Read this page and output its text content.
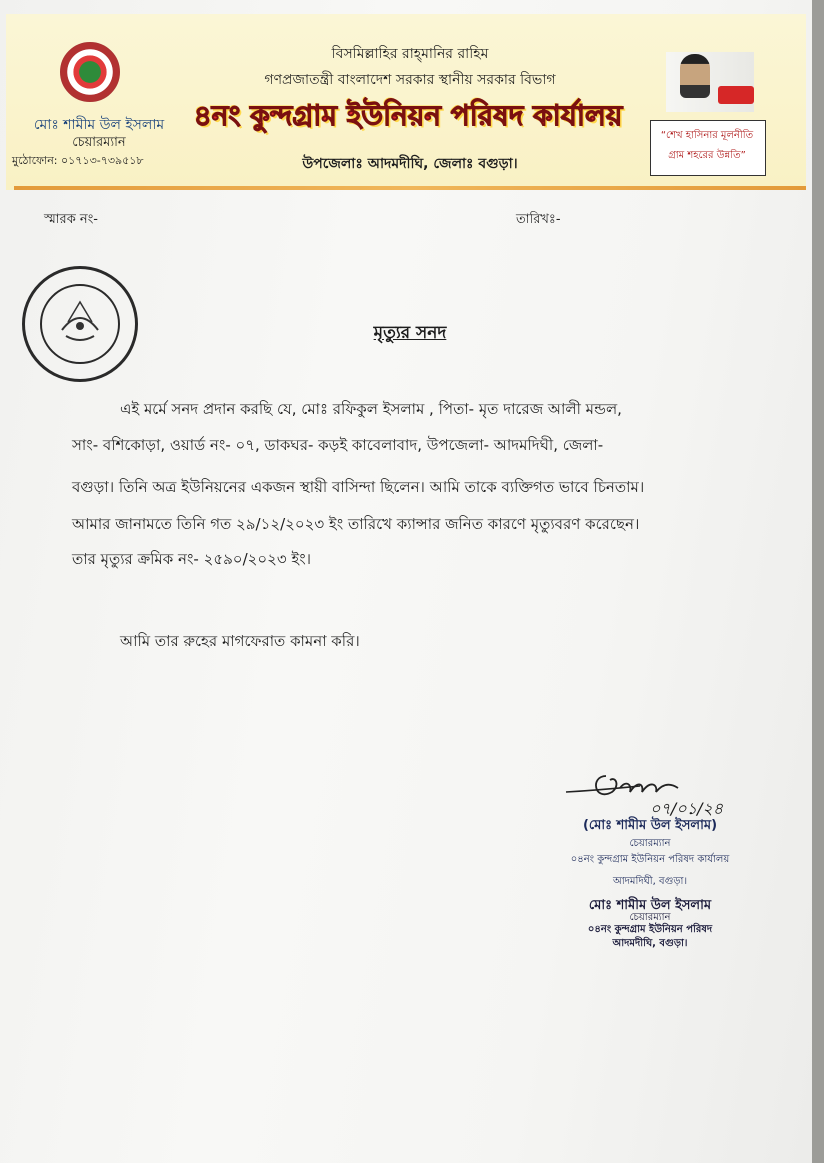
মোঃ শামীম উল ইসলাম
চেয়ারম্যান
মুঠোফোন: ০১৭১৩-৭৩৯৫১৮
বিসমিল্লাহির রাহ্‌মানির রাহিম
গণপ্রজাতন্ত্রী বাংলাদেশ সরকার স্থানীয় সরকার বিভাগ
৪নং কুন্দগ্রাম ইউনিয়ন পরিষদ কার্যালয়
উপজেলাঃ আদমদীঘি, জেলাঃ বগুড়া।
“শেখ হাসিনার মূলনীতি
গ্রাম শহরের উন্নতি”
স্মারক নং-	তারিখঃ-
মৃত্যুর সনদ
এই মর্মে সনদ প্রদান করছি যে, মোঃ রফিকুল ইসলাম , পিতা- মৃত দারেজ আলী মন্ডল,
সাং- বশিকোড়া, ওয়ার্ড নং- ০৭, ডাকঘর- কড়ই কাবেলাবাদ, উপজেলা- আদমদিঘী, জেলা-
বগুড়া। তিনি অত্র ইউনিয়নের একজন স্থায়ী বাসিন্দা ছিলেন। আমি তাকে ব্যক্তিগত ভাবে চিনতাম।
আমার জানামতে তিনি গত ২৯/১২/২০২৩ ইং তারিখে ক্যান্সার জনিত কারণে মৃত্যুবরণ করেছেন।
তার মৃত্যুর ক্রমিক নং- ২৫৯০/২০২৩ ইং।
আমি তার রুহের মাগফেরাত কামনা করি।
০৭/০১/২৪
(মোঃ শামীম উল ইসলাম)
চেয়ারম্যান
০৪নং কুন্দগ্রাম ইউনিয়ন পরিষদ কার্যালয়
আদমদিঘী, বগুড়া।
মোঃ শামীম উল ইসলাম
চেয়ারম্যান
০৪নং কুন্দগ্রাম ইউনিয়ন পরিষদ
আদমদীঘি, বগুড়া।
